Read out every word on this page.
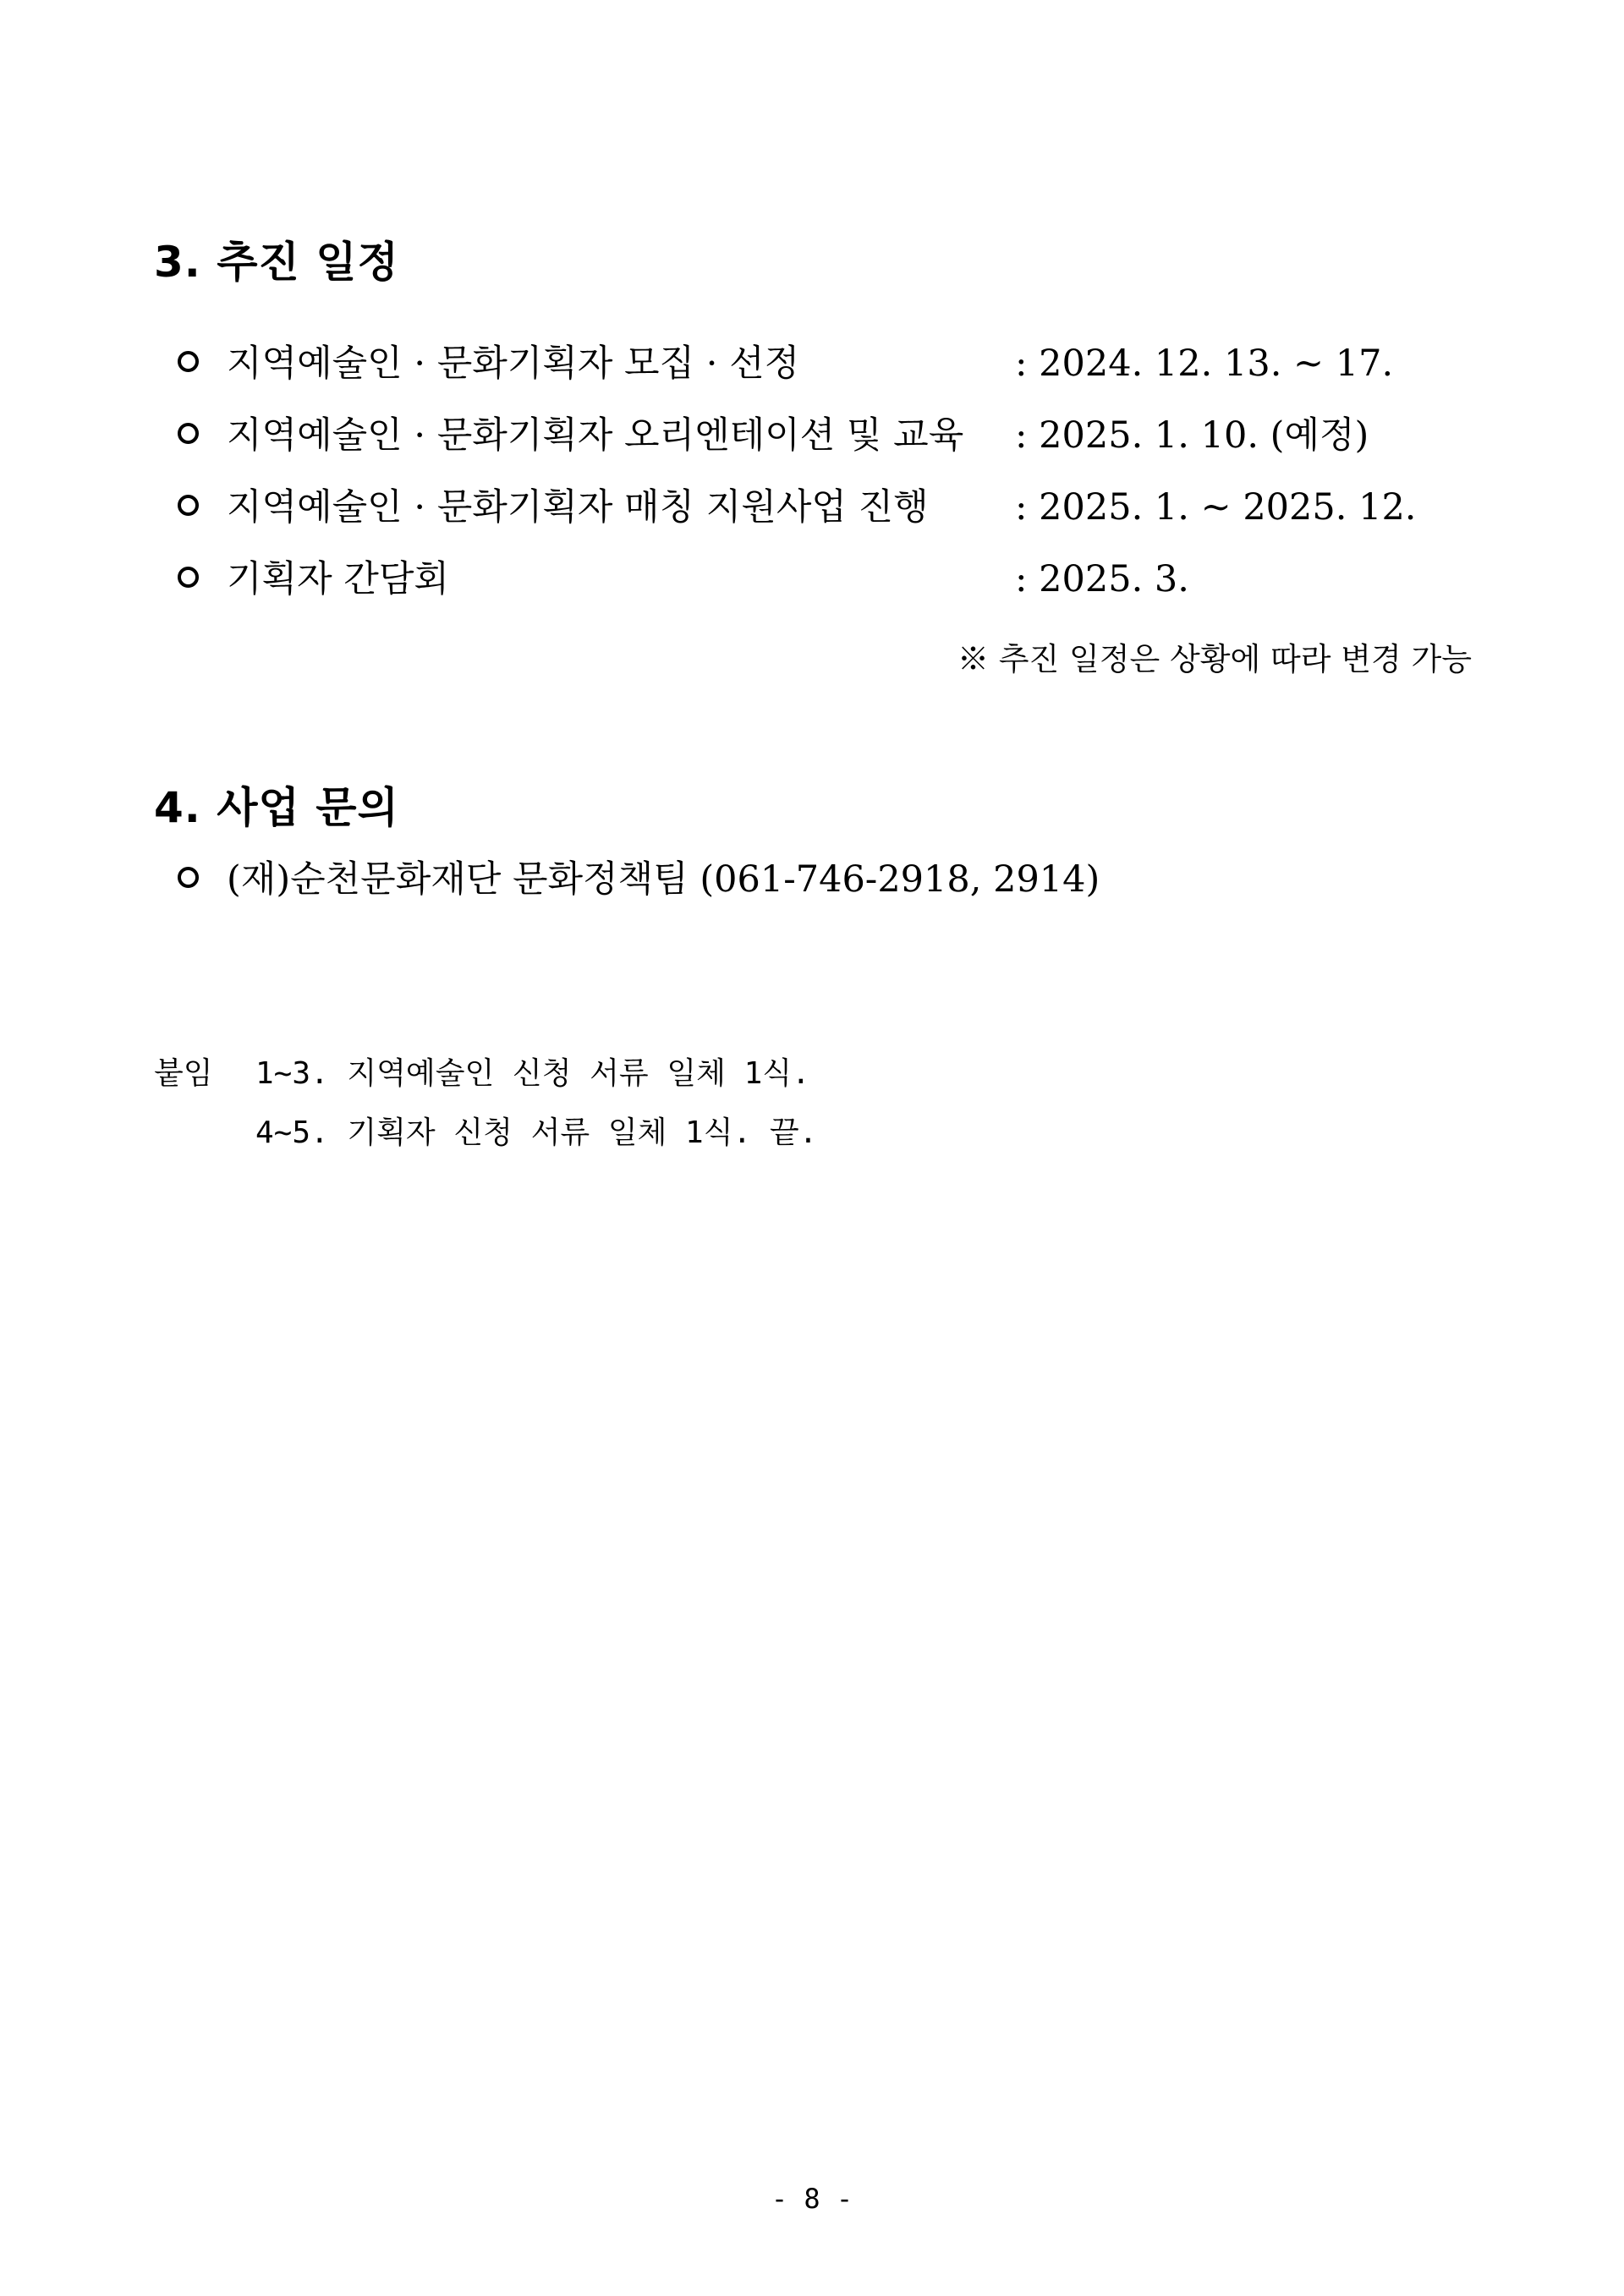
3. 추진 일정
지역예술인 · 문화기획자 모집 · 선정	: 2024. 12. 13. ~ 17.
지역예술인 · 문화기획자 오리엔테이션 및 교육 : 2025. 1. 10. (예정)
지역예술인 · 문화기획자 매칭 지원사업 진행 : 2025. 1. ~ 2025. 12.
기획자 간담회	: 2025. 3.
※ 추진 일정은 상황에 따라 변경 가능
4. 사업 문의
(재)순천문화재단 문화정책팀 (061-746-2918, 2914)
붙임 1~3. 지역예술인 신청 서류 일체 1식.
4~5. 기획자 신청 서류 일체 1식. 끝.
- 8 -
